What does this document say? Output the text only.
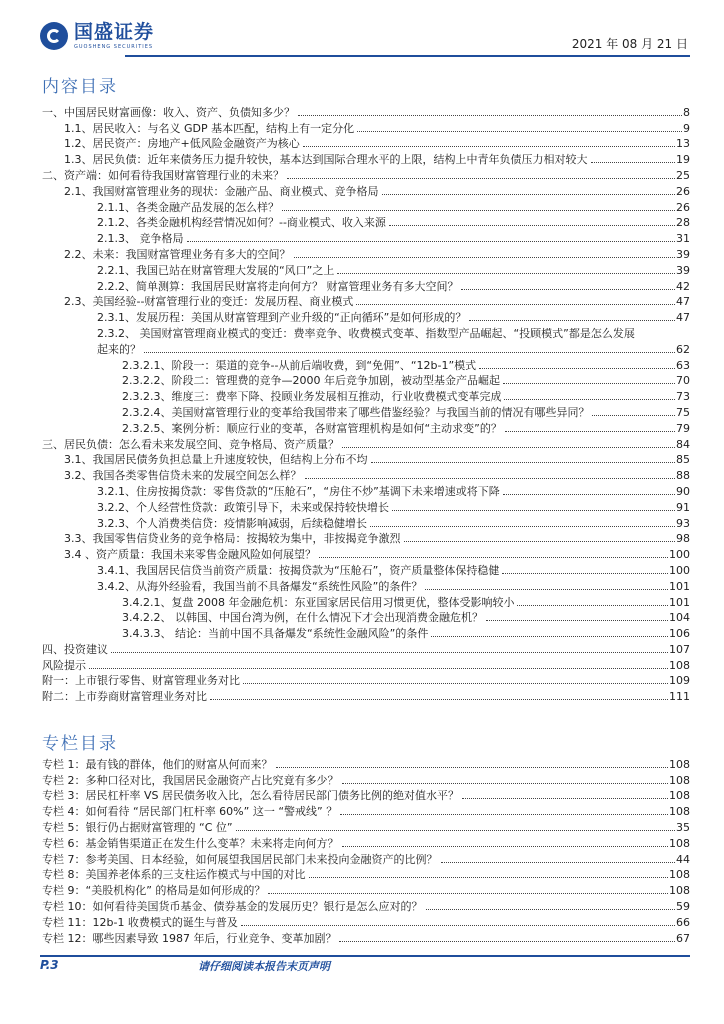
国盛证券
GUOSHENG SECURITIES	2021 年 08 月 21 日
内容目录
一、中国居民财富画像：收入、资产、负债知多少？	8
1.1、居民收入：与名义 GDP 基本匹配，结构上有一定分化	9
1.2、居民资产：房地产+低风险金融资产为核心	13
1.3、居民负债：近年来债务压力提升较快，基本达到国际合理水平的上限，结构上中青年负债压力相对较大	19
二、资产端：如何看待我国财富管理行业的未来？	25
2.1、我国财富管理业务的现状：金融产品、商业模式、竞争格局	26
2.1.1、各类金融产品发展的怎么样？	26
2.1.2、各类金融机构经营情况如何？--商业模式、收入来源	28
2.1.3、 竞争格局	31
2.2、未来：我国财富管理业务有多大的空间？	39
2.2.1、我国已站在财富管理大发展的“风口”之上	39
2.2.2、简单测算：我国居民财富将走向何方？ 财富管理业务有多大空间？	42
2.3、美国经验--财富管理行业的变迁：发展历程、商业模式	47
2.3.1、发展历程：美国从财富管理到产业升级的“正向循环”是如何形成的？	47
2.3.2、 美国财富管理商业模式的变迁：费率竞争、收费模式变革、指数型产品崛起、“投顾模式”都是怎么发展
起来的？	62
2.3.2.1、阶段一：渠道的竞争--从前后端收费，到“免佣”、“12b-1”模式	63
2.3.2.2、阶段二：管理费的竞争—2000 年后竞争加剧，被动型基金产品崛起	70
2.3.2.3、维度三：费率下降、投顾业务发展相互推动，行业收费模式变革完成	73
2.3.2.4、美国财富管理行业的变革给我国带来了哪些借鉴经验？与我国当前的情况有哪些异同？	75
2.3.2.5、案例分析：顺应行业的变革，各财富管理机构是如何“主动求变”的？	79
三、居民负债：怎么看未来发展空间、竞争格局、资产质量？	84
3.1、我国居民债务负担总量上升速度较快，但结构上分布不均	85
3.2、我国各类零售信贷未来的发展空间怎么样？	88
3.2.1、住房按揭贷款：零售贷款的“压舱石”，“房住不炒”基调下未来增速或将下降	90
3.2.2、个人经营性贷款：政策引导下，未来或保持较快增长	91
3.2.3、个人消费类信贷：疫情影响减弱，后续稳健增长	93
3.3、我国零售信贷业务的竞争格局：按揭较为集中，非按揭竞争激烈	98
3.4 、资产质量：我国未来零售金融风险如何展望？	100
3.4.1、我国居民信贷当前资产质量：按揭贷款为“压舱石”，资产质量整体保持稳健	100
3.4.2、从海外经验看，我国当前不具备爆发“系统性风险”的条件？	101
3.4.2.1、复盘 2008 年金融危机：东亚国家居民信用习惯更优，整体受影响较小	101
3.4.2.2、 以韩国、中国台湾为例，在什么情况下才会出现消费金融危机？	104
3.4.3.3、 结论：当前中国不具备爆发“系统性金融风险”的条件	106
四、投资建议	107
风险提示	108
附一：上市银行零售、财富管理业务对比	109
附二：上市券商财富管理业务对比	111
专栏目录
专栏 1：最有钱的群体，他们的财富从何而来？	108
专栏 2：多种口径对比，我国居民金融资产占比究竟有多少？	108
专栏 3：居民杠杆率 VS 居民债务收入比，怎么看待居民部门债务比例的绝对值水平？	108
专栏 4：如何看待 “居民部门杠杆率 60%” 这一 “警戒线” ？	108
专栏 5：银行仍占据财富管理的 “C 位”	35
专栏 6：基金销售渠道正在发生什么变革？未来将走向何方？	108
专栏 7：参考美国、日本经验，如何展望我国居民部门未来投向金融资产的比例？	44
专栏 8：美国养老体系的三支柱运作模式与中国的对比	108
专栏 9：“美股机构化” 的格局是如何形成的？	108
专栏 10：如何看待美国货币基金、债券基金的发展历史？银行是怎么应对的？	59
专栏 11：12b-1 收费模式的诞生与普及	66
专栏 12：哪些因素导致 1987 年后，行业竞争、变革加剧？	67
P.3	请仔细阅读本报告末页声明
